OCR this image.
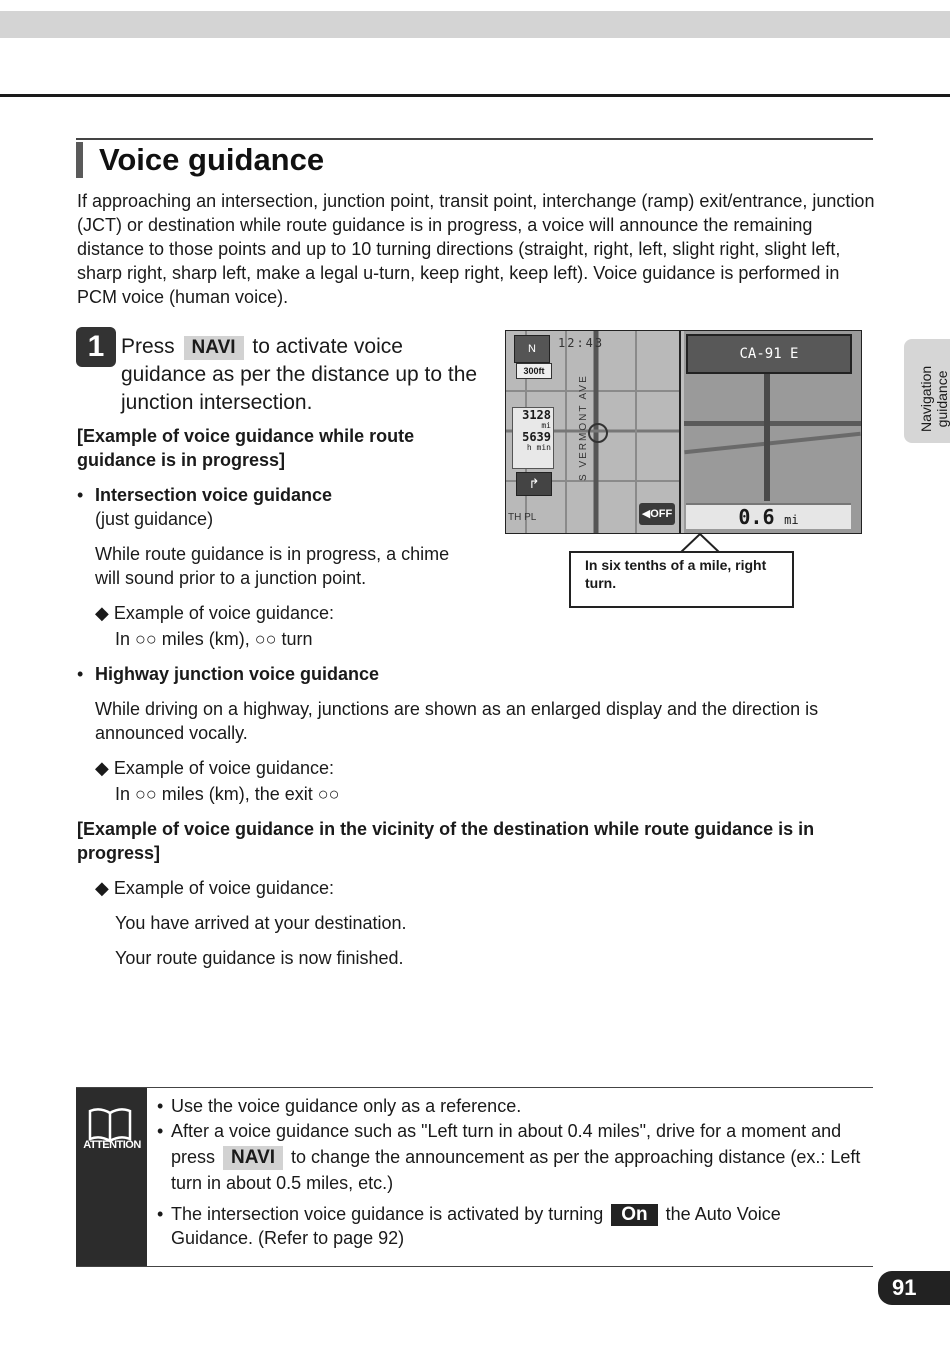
Voice guidance
If approaching an intersection, junction point, transit point, interchange (ramp) exit/entrance, junction (JCT) or destination while route guidance is in progress, a voice will announce the remaining distance to those points and up to 10 turning directions (straight, right, left, slight right, slight left, sharp right, sharp left, make a legal u-turn, keep right, keep left). Voice guidance is performed in PCM voice (human voice).
1 Press NAVI to activate voice guidance as per the distance up to the junction intersection.
[Example of voice guidance while route guidance is in progress]
• Intersection voice guidance
(just guidance)
While route guidance is in progress, a chime will sound prior to a junction point.
◆ Example of voice guidance:
In ○○ miles (km), ○○ turn
• Highway junction voice guidance
While driving on a highway, junctions are shown as an enlarged display and the direction is announced vocally.
◆ Example of voice guidance:
In ○○ miles (km), the exit ○○
[Example of voice guidance in the vicinity of the destination while route guidance is in progress]
◆ Example of voice guidance:
You have arrived at your destination.
Your route guidance is now finished.
N	12:43
300ft
3128
mi
5639
h min
↱
S VERMONT AVE
TH PL
CA-91 E
◀OFF	0.6 mi
In six tenths of a mile, right turn.
Navigation guidance
ATTENTION
• Use the voice guidance only as a reference.
• After a voice guidance such as "Left turn in about 0.4 miles", drive for a moment and press NAVI to change the announcement as per the approaching distance (ex.: Left turn in about 0.5 miles, etc.)
• The intersection voice guidance is activated by turning On the Auto Voice Guidance. (Refer to page 92)
91
